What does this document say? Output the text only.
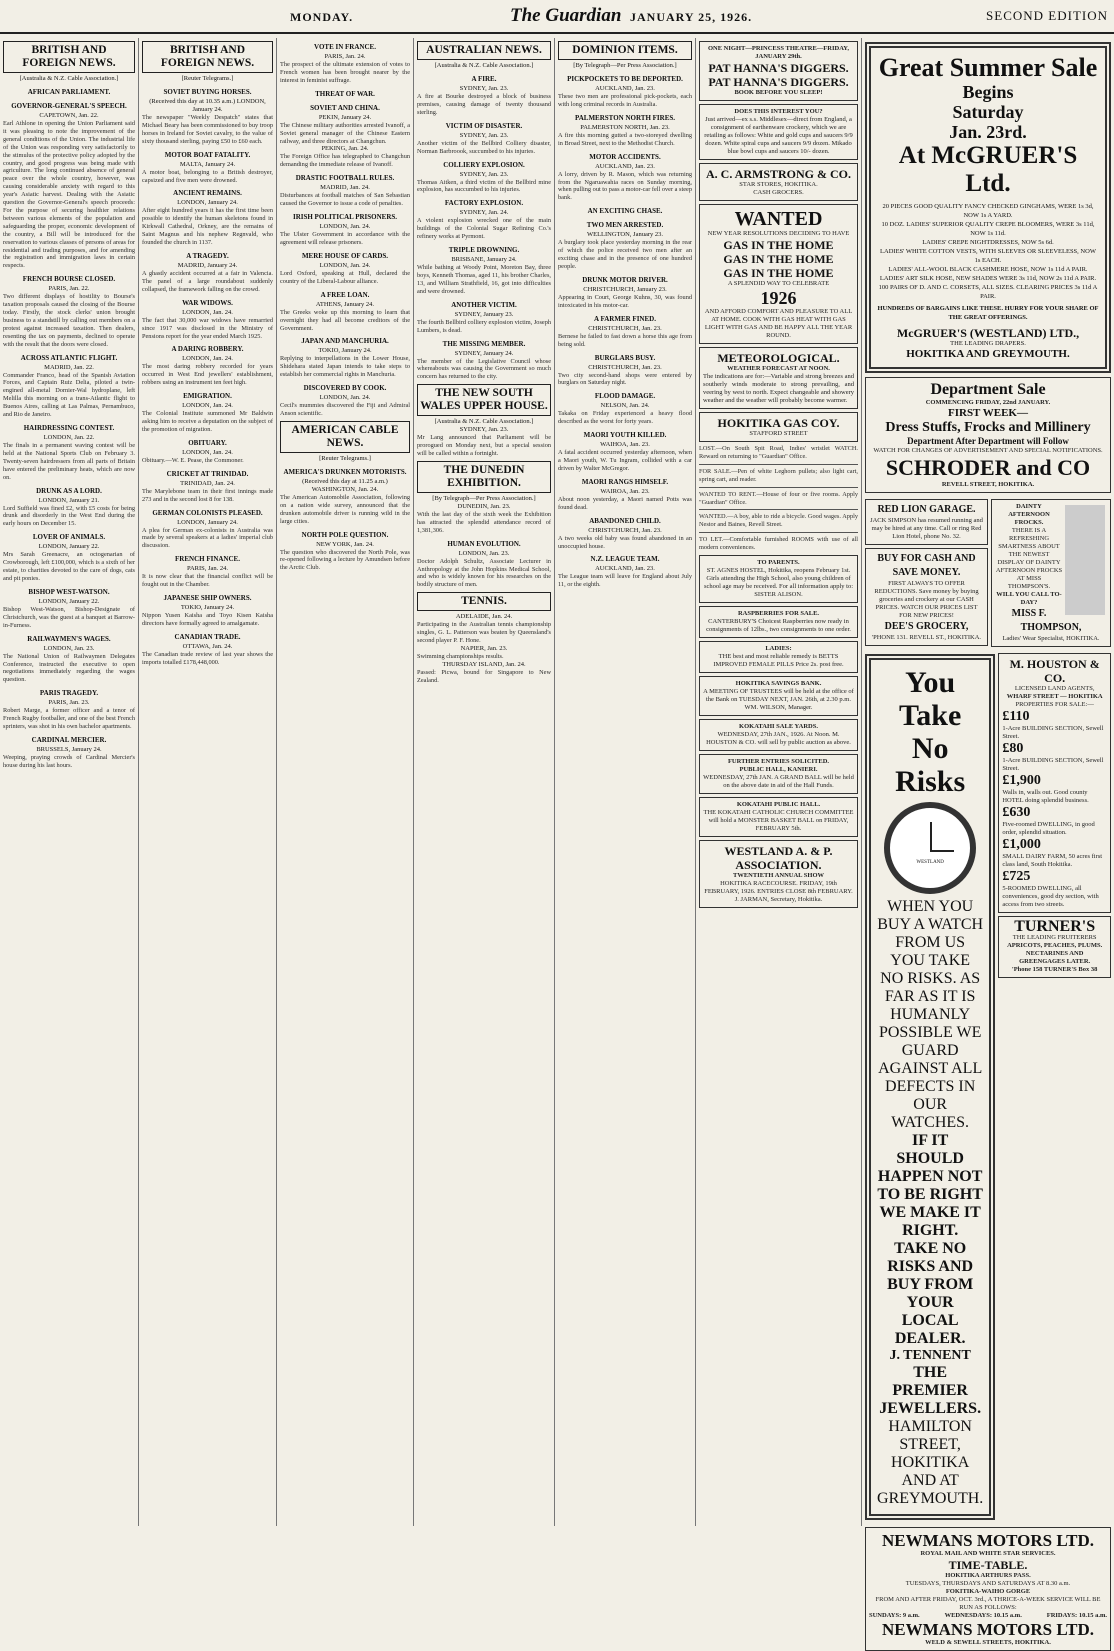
MONDAY.	The Guardian JANUARY 25, 1926.	SECOND EDITION
BRITISH AND FOREIGN NEWS.
[Australia & N.Z. Cable Association.]
AFRICAN PARLIAMENT.
GOVERNOR-GENERAL'S SPEECH.
CAPETOWN, Jan. 22.

Earl Athlone in opening the Union Parliament said it was pleasing to note the improvement of the general conditions of the Union. The industrial life of the Union was responding very satisfactorily to the stimulus of the protective policy adopted by the country, and good progress was being made with agriculture. The long continued absence of general peace over the whole country, however, was causing considerable anxiety with regard to this year's Asiatic harvest. Dealing with the Asiatic question the Governor-General's speech proceeds: For the purpose of securing healthier relations between various elements of the population and safeguarding the proper, economic development of the country, a Bill will be introduced for the reservation to various classes of persons of areas for residential and trading purposes, and for amending the registration and immigration laws in certain respects.

FRENCH BOURSE CLOSED.
PARIS, Jan. 22.

Two different displays of hostility to Bourse's taxation proposals caused the closing of the Bourse today. Firstly, the stock clerks' union brought business to a standstill by calling out members on a protest against increased taxation. Then dealers, resenting the tax on payments, declined to operate with the result that the doors were closed.

ACROSS ATLANTIC FLIGHT.
MADRID, Jan. 22.

Commander Franco, head of the Spanish Aviation Forces, and Captain Ruiz Delia, piloted a twin-engined all-metal Dornier-Wal hydroplane, left Melilla this morning on a trans-Atlantic flight to Buenos Aires, calling at Las Palmas, Pernambuco, and Rio de Janeiro.

HAIRDRESSING CONTEST.
LONDON, Jan. 22.

The finals in a permanent waving contest will be held at the National Sports Club on February 3. Twenty-seven hairdressers from all parts of Britain have entered the preliminary heats, which are now on.

DRUNK AS A LORD.
LONDON, January 21.

Lord Suffield was fined £2, with £5 costs for being drunk and disorderly in the West End during the early hours on December 15.

LOVER OF ANIMALS.
LONDON, January 22.

Mrs Sarah Greenacre, an octogenarian of Crowborough, left £100,000, which is a sixth of her estate, to charities devoted to the care of dogs, cats and pit ponies.

BISHOP WEST-WATSON.
LONDON, January 22.

Bishop West-Watson, Bishop-Designate of Christchurch, was the guest at a banquet at Barrow-in-Furness.

RAILWAYMEN'S WAGES.
LONDON, Jan. 23.

The National Union of Railwaymen Delegates Conference, instructed the executive to open negotiations immediately regarding the wages question.

PARIS TRAGEDY.
PARIS, Jan. 23.

Robert Marge, a former officer and a tenor of French Rugby footballer, and one of the best French sprinters, was shot in his own bachelor apartments.

CARDINAL MERCIER.
BRUSSELS, January 24.

Weeping, praying crowds of Cardinal Mercier's house during his last hours.

BRITISH AND FOREIGN NEWS.
[Reuter Telegrams.]
SOVIET BUYING HORSES.
(Received this day at 10.35 a.m.) LONDON, January 24.

The newspaper "Weekly Despatch" states that Michael Beary has been commissioned to buy troop horses in Ireland for Soviet cavalry, to the value of sixty thousand sterling, paying £50 to £60 each.

MOTOR BOAT FATALITY.
MALTA, January 24.

A motor boat, belonging to a British destroyer, capsized and five men were drowned.

ANCIENT REMAINS.
LONDON, January 24.

After eight hundred years it has the first time been possible to identify the human skeletons found in Kirkwall Cathedral, Orkney, are the remains of Saint Magnus and his nephew Regnvald, who founded the church in 1137.

A TRAGEDY.
MADRID, January 24.

A ghastly accident occurred at a fair in Valencia. The panel of a large roundabout suddenly collapsed, the framework falling on the crowd.

WAR WIDOWS.
LONDON, Jan. 24.

The fact that 30,000 war widows have remarried since 1917 was disclosed in the Ministry of Pensions report for the year ended March 1925.

A DARING ROBBERY.
LONDON, Jan. 24.

The most daring robbery recorded for years occurred in West End jewellers' establishment, robbers using an instrument ten feet high.

EMIGRATION.
LONDON, Jan. 24.

The Colonial Institute summoned Mr Baldwin asking him to receive a deputation on the subject of the promotion of migration.

OBITUARY.
LONDON, Jan. 24.

Obituary.—W. E. Pease, the Commoner.

CRICKET AT TRINIDAD.
TRINIDAD, Jan. 24.

The Marylebone team in their first innings made 273 and in the second lost 8 for 138.

GERMAN COLONISTS PLEASED.
LONDON, January 24.

A plea for German ex-colonists in Australia was made by several speakers at a ladies' imperial club discussion.

FRENCH FINANCE.
PARIS, Jan. 24.

It is now clear that the financial conflict will be fought out in the Chamber.

JAPANESE SHIP OWNERS.
TOKIO, January 24.

Nippon Yusen Kaisha and Toyo Kisen Kaisha directors have formally agreed to amalgamate.

CANADIAN TRADE.
OTTAWA, Jan. 24.

The Canadian trade review of last year shows the imports totalled £178,448,000.

VOTE IN FRANCE.
PARIS, Jan. 24.

The prospect of the ultimate extension of votes to French women has been brought nearer by the interest in feminist suffrage.

THREAT OF WAR.
SOVIET AND CHINA.
PEKIN, January 24.

The Chinese military authorities arrested Ivanoff, a Soviet general manager of the Chinese Eastern railway, and three directors at Changchun.

PEKING, Jan. 24.

The Foreign Office has telegraphed to Changchun demanding the immediate release of Ivanoff.

DRASTIC FOOTBALL RULES.
MADRID, Jan. 24.

Disturbances at football matches of San Sebastian caused the Governor to issue a code of penalties.

IRISH POLITICAL PRISONERS.
LONDON, Jan. 24.

The Ulster Government in accordance with the agreement will release prisoners.

MERE HOUSE OF CARDS.
LONDON, Jan. 24.

Lord Oxford, speaking at Hull, declared the country of the Liberal-Labour alliance.

A FREE LOAN.
ATHENS, January 24.

The Greeks woke up this morning to learn that overnight they had all become creditors of the Government.

JAPAN AND MANCHURIA.
TOKIO, January 24.

Replying to interpellations in the Lower House, Shidehara stated Japan intends to take steps to establish her commercial rights in Manchuria.

DISCOVERED BY COOK.
LONDON, Jan. 24.

Cecil's mummies discovered the Fiji and Admiral Anson scientific.

AMERICAN CABLE NEWS.
[Reuter Telegrams.]
AMERICA'S DRUNKEN MOTORISTS.
(Received this day at 11.25 a.m.) WASHINGTON, Jan. 24.

The American Automobile Association, following on a nation wide survey, announced that the drunken automobile driver is running wild in the large cities.

NORTH POLE QUESTION.
NEW YORK, Jan. 24.

The question who discovered the North Pole, was re-opened following a lecture by Amundsen before the Arctic Club.

AUSTRALIAN NEWS.
[Australia & N.Z. Cable Association.]
A FIRE.
SYDNEY, Jan. 23.

A fire at Bourke destroyed a block of business premises, causing damage of twenty thousand sterling.

VICTIM OF DISASTER.
SYDNEY, Jan. 23.

Another victim of the Bellbird Colliery disaster, Norman Barbroook, succumbed to his injuries.

COLLIERY EXPLOSION.
SYDNEY, Jan. 23.

Thomas Aitken, a third victim of the Bellbird mine explosion, has succumbed to his injuries.

FACTORY EXPLOSION.
SYDNEY, Jan. 24.

A violent explosion wrecked one of the main buildings of the Colonial Sugar Refining Co.'s refinery works at Pyrmont.

TRIPLE DROWNING.
BRISBANE, January 24.

While bathing at Woody Point, Moreton Bay, three boys, Kenneth Thomas, aged 11, his brother Charles, 13, and William Strathfield, 16, got into difficulties and were drowned.

ANOTHER VICTIM.
SYDNEY, January 23.

The fourth Bellbird colliery explosion victim, Joseph Lumbers, is dead.

THE MISSING MEMBER.
SYDNEY, January 24.

The member of the Legislative Council whose whereabouts was causing the Government so much concern has returned to the city.

THE NEW SOUTH WALES UPPER HOUSE.
[Australia & N.Z. Cable Association.]
SYDNEY, Jan. 23.

Mr Lang announced that Parliament will be prorogued on Monday next, but a special session will be called within a fortnight.

THE DUNEDIN EXHIBITION.
[By Telegraph—Per Press Association.]
DUNEDIN, Jan. 23.

With the last day of the sixth week the Exhibition has attracted the splendid attendance record of 1,381,306.

HUMAN EVOLUTION.
LONDON, Jan. 23.

Doctor Adolph Schultz, Associate Lecturer in Anthropology at the John Hopkins Medical School, and who is widely known for his researches on the bodily structure of men.

TENNIS.
ADELAIDE, Jan. 24.

Participating in the Australian tennis championship singles, G. L. Patterson was beaten by Queensland's second player P. F. Hone.

NAPIER, Jan. 23.

Swimming championships results.

THURSDAY ISLAND, Jan. 24.

Passed: Picwa, bound for Singapore to New Zealand.

DOMINION ITEMS.
[By Telegraph—Per Press Association.]
PICKPOCKETS TO BE DEPORTED.
AUCKLAND, Jan. 23.

These two men are professional pick-pockets, each with long criminal records in Australia.

PALMERSTON NORTH FIRES.
PALMERSTON NORTH, Jan. 23.

A fire this morning gutted a two-storeyed dwelling in Broad Street, next to the Methodist Church.

MOTOR ACCIDENTS.
AUCKLAND, Jan. 23.

A lorry, driven by R. Mason, which was returning from the Ngaruawahia races on Sunday morning, when pulling out to pass a motor-car fell over a steep bank.

AN EXCITING CHASE.
TWO MEN ARRESTED.
WELLINGTON, January 23.

A burglary took place yesterday morning in the rear of which the police received two men after an exciting chase and in the presence of one hundred people.

DRUNK MOTOR DRIVER.
CHRISTCHURCH, January 23.

Appearing in Court, George Kuhns, 30, was found intoxicated in his motor-car.

A FARMER FINED.
CHRISTCHURCH, Jan. 23.

Bernese he failed to fast down a horse this age from being sold.

BURGLARS BUSY.
CHRISTCHURCH, Jan. 23.

Two city second-hand shops were entered by burglars on Saturday night.

FLOOD DAMAGE.
NELSON, Jan. 24.

Takaka on Friday experienced a heavy flood described as the worst for forty years.

MAORI YOUTH KILLED.
WAIHOA, Jan. 23.

A fatal accident occurred yesterday afternoon, when a Maori youth, W. Tu Ingram, collided with a car driven by Walter McGregor.

MAORI RANGS HIMSELF.
WAIROA, Jan. 23.

About noon yesterday, a Maori named Potts was found dead.

ABANDONED CHILD.
CHRISTCHURCH, Jan. 23.

A two weeks old baby was found abandoned in an unoccupied house.

N.Z. LEAGUE TEAM.
AUCKLAND, Jan. 23.

The League team will leave for England about July 11, or the eighth.

ONE NIGHT—PRINCESS THEATRE—FRIDAY, JANUARY 29th.
PAT HANNA'S DIGGERS.
PAT HANNA'S DIGGERS.
BOOK BEFORE YOU SLEEP!
DOES THIS INTEREST YOU?
Just arrived—ex s.s. Middlesex—direct from England, a consignment of earthenware crockery, which we are retailing as follows: White and gold cups and saucers 9/9 dozen. White spiral cups and saucers 9/9 dozen. Mikado blue bowl cups and saucers 10/- dozen.
A. C. ARMSTRONG & CO.
STAR STORES, HOKITIKA.
CASH GROCERS.
WANTED
NEW YEAR RESOLUTIONS DECIDING TO HAVE
GAS IN THE HOME
GAS IN THE HOME
GAS IN THE HOME
A SPLENDID WAY TO CELEBRATE
1926
AND AFFORD COMFORT AND PLEASURE TO ALL AT HOME. COOK WITH GAS HEAT WITH GAS LIGHT WITH GAS AND BE HAPPY ALL THE YEAR ROUND.
METEOROLOGICAL.
WEATHER FORECAST AT NOON.
The indications are for:—Variable and strong breezes and southerly winds moderate to strong prevailing, and veering by west to north. Expect changeable and showery weather and the weather will probably become warmer.
HOKITIKA GAS COY.
STAFFORD STREET

LOST.—On South Spit Road, Indies' wristlet WATCH. Reward on returning to "Guardian" Office.

FOR SALE.—Pen of white Leghorn pullets; also light cart, spring cart, and reader.

WANTED TO RENT.—House of four or five rooms. Apply "Guardian" Office.

WANTED.—A boy, able to ride a bicycle. Good wages. Apply Nestor and Baines, Revell Street.

TO LET.—Comfortable furnished ROOMS with use of all modern conveniences.

TO PARENTS.
ST. AGNES HOSTEL, Hokitika, reopens February 1st. Girls attending the High School, also young children of school age may be received. For all information apply to: SISTER ALISON.
RASPBERRIES FOR SALE.
CANTERBURY'S Choicest Raspberries now ready in consignments of 12lbs., two consignments to one order.
LADIES:
THE best and most reliable remedy is BETTS IMPROVED FEMALE PILLS Price 2s. post free.
HOKITIKA SAVINGS BANK.
A MEETING OF TRUSTEES will be held at the office of the Bank on TUESDAY NEXT, JAN. 26th, at 2.30 p.m.
WM. WILSON, Manager.
KOKATAHI SALE YARDS.
WEDNESDAY, 27th JAN., 1926. At Noon. M. HOUSTON & CO. will sell by public auction as above.
FURTHER ENTRIES SOLICITED.
PUBLIC HALL, KANIERI.
WEDNESDAY, 27th JAN. A GRAND BALL will be held on the above date in aid of the Hall Funds.
KOKATAHI PUBLIC HALL.
THE KOKATAHI CATHOLIC CHURCH COMMITTEE will hold a MONSTER BASKET BALL on FRIDAY, FEBRUARY 5th.
WESTLAND A. & P. ASSOCIATION.
TWENTIETH ANNUAL SHOW
HOKITIKA RACECOURSE. FRIDAY, 19th FEBRUARY, 1926. ENTRIES CLOSE 8th FEBRUARY.
J. JARMAN, Secretary, Hokitika.
Great Summer Sale
Begins
Saturday
Jan. 23rd.
At McGRUER'S Ltd.
20 PIECES GOOD QUALITY FANCY CHECKED GINGHAMS, WERE 1s 3d, NOW 1s A YARD.
10 DOZ. LADIES' SUPERIOR QUALITY CREPE BLOOMERS, WERE 3s 11d, NOW 1s 11d.
LADIES' CREPE NIGHTDRESSES, NOW 5s 6d.
LADIES' WHITE COTTON VESTS, WITH SLEEVES OR SLEEVELESS, NOW 1s EACH.
LADIES' ALL-WOOL BLACK CASHMERE HOSE, NOW 1s 11d A PAIR.
LADIES' ART SILK HOSE, NEW SHADES WERE 3s 11d, NOW 2s 11d A PAIR.
100 PAIRS OF D. AND C. CORSETS, ALL SIZES. CLEARING PRICES 3s 11d A PAIR.
HUNDREDS OF BARGAINS LIKE THESE. HURRY FOR YOUR SHARE OF THE GREAT OFFERINGS.
McGRUER'S (WESTLAND) LTD.,
THE LEADING DRAPERS.
HOKITIKA AND GREYMOUTH.
Department Sale
COMMENCING FRIDAY, 22nd JANUARY.
FIRST WEEK—
Dress Stuffs, Frocks and Millinery
Department After Department will Follow
WATCH FOR CHANGES OF ADVERTISEMENT AND SPECIAL NOTIFICATIONS.
SCHRODER and CO
REVELL STREET, HOKITIKA.
RED LION GARAGE.
JACK SIMPSON has resumed running and may be hired at any time. Call or ring Red Lion Hotel, phone No. 32.
BUY FOR CASH AND SAVE MONEY.
FIRST ALWAYS TO OFFER REDUCTIONS. Save money by buying groceries and crockery at our CASH PRICES. WATCH OUR PRICES LIST FOR NEW PRICES!
DEE'S GROCERY,
'PHONE 131. REVELL ST., HOKITIKA.
DAINTY AFTERNOON FROCKS.
THERE IS A REFRESHING SMARTNESS ABOUT THE NEWEST DISPLAY OF DAINTY AFTERNOON FROCKS AT MISS THOMPSON'S.
WILL YOU CALL TO-DAY?
MISS F. THOMPSON,
Ladies' Wear Specialist, HOKITIKA.
You
Take
No
Risks
WESTLAND
WHEN YOU BUY A WATCH FROM US YOU TAKE NO RISKS. AS FAR AS IT IS HUMANLY POSSIBLE WE GUARD AGAINST ALL DEFECTS IN OUR WATCHES.
IF IT SHOULD HAPPEN NOT TO BE RIGHT WE MAKE IT RIGHT.
TAKE NO RISKS AND BUY FROM YOUR LOCAL DEALER.
J. TENNENT
THE PREMIER JEWELLERS.
HAMILTON STREET, HOKITIKA AND AT GREYMOUTH.
M. HOUSTON & CO.
LICENSED LAND AGENTS,
WHARF STREET — HOKITIKA
PROPERTIES FOR SALE:—
£110
1-Acre BUILDING SECTION, Sewell Street.
£80
1-Acre BUILDING SECTION, Sewell Street.
£1,900
Walls in, walls out. Good county HOTEL doing splendid business.
£630
Five-roomed DWELLING, in good order, splendid situation.
£1,000
SMALL DAIRY FARM, 50 acres first class land, South Hokitika.
£725
5-ROOMED DWELLING, all conveniences, good dry section, with access from two streets.
TURNER'S
THE LEADING FRUITERERS
APRICOTS, PEACHES, PLUMS. NECTARINES AND GREENGAGES LATER.
'Phone 158 TURNER'S Box 38
NEWMANS MOTORS LTD.
ROYAL MAIL AND WHITE STAR SERVICES.
TIME-TABLE.
HOKITIKA ARTHURS PASS.
TUESDAYS, THURSDAYS AND SATURDAYS AT 8.30 a.m.
FOKITIKA-WAIHO GORGE
FROM AND AFTER FRIDAY, OCT. 3rd., A THRICE-A-WEEK SERVICE WILL BE RUN AS FOLLOWS:
SUNDAYS: 9 a.m.	WEDNESDAYS: 10.15 a.m.	FRIDAYS: 10.15 a.m.
NEWMANS MOTORS LTD.
WELD & SEWELL STREETS, HOKITIKA.
